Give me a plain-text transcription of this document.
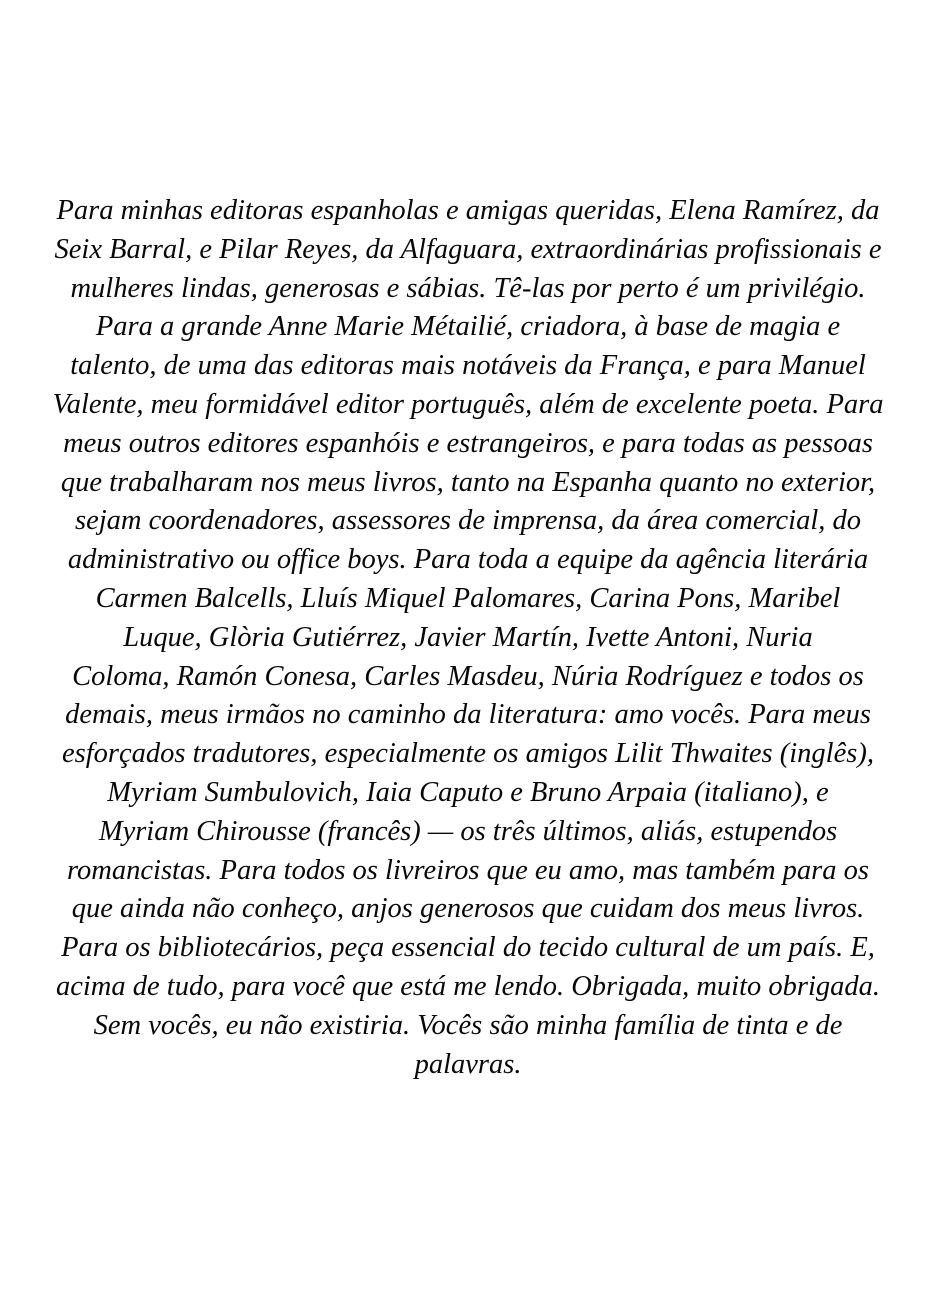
Para minhas editoras espanholas e amigas queridas, Elena Ramírez, da
Seix Barral, e Pilar Reyes, da Alfaguara, extraordinárias profissionais e
mulheres lindas, generosas e sábias. Tê-las por perto é um privilégio.
Para a grande Anne Marie Métailié, criadora, à base de magia e
talento, de uma das editoras mais notáveis da França, e para Manuel
Valente, meu formidável editor português, além de excelente poeta. Para
meus outros editores espanhóis e estrangeiros, e para todas as pessoas
que trabalharam nos meus livros, tanto na Espanha quanto no exterior,
sejam coordenadores, assessores de imprensa, da área comercial, do
administrativo ou office boys. Para toda a equipe da agência literária
Carmen Balcells, Lluís Miquel Palomares, Carina Pons, Maribel
Luque, Glòria Gutiérrez, Javier Martín, Ivette Antoni, Nuria
Coloma, Ramón Conesa, Carles Masdeu, Núria Rodríguez e todos os
demais, meus irmãos no caminho da literatura: amo vocês. Para meus
esforçados tradutores, especialmente os amigos Lilit Thwaites (inglês),
Myriam Sumbulovich, Iaia Caputo e Bruno Arpaia (italiano), e
Myriam Chirousse (francês) — os três últimos, aliás, estupendos
romancistas. Para todos os livreiros que eu amo, mas também para os
que ainda não conheço, anjos generosos que cuidam dos meus livros.
Para os bibliotecários, peça essencial do tecido cultural de um país. E,
acima de tudo, para você que está me lendo. Obrigada, muito obrigada.
Sem vocês, eu não existiria. Vocês são minha família de tinta e de
palavras.
